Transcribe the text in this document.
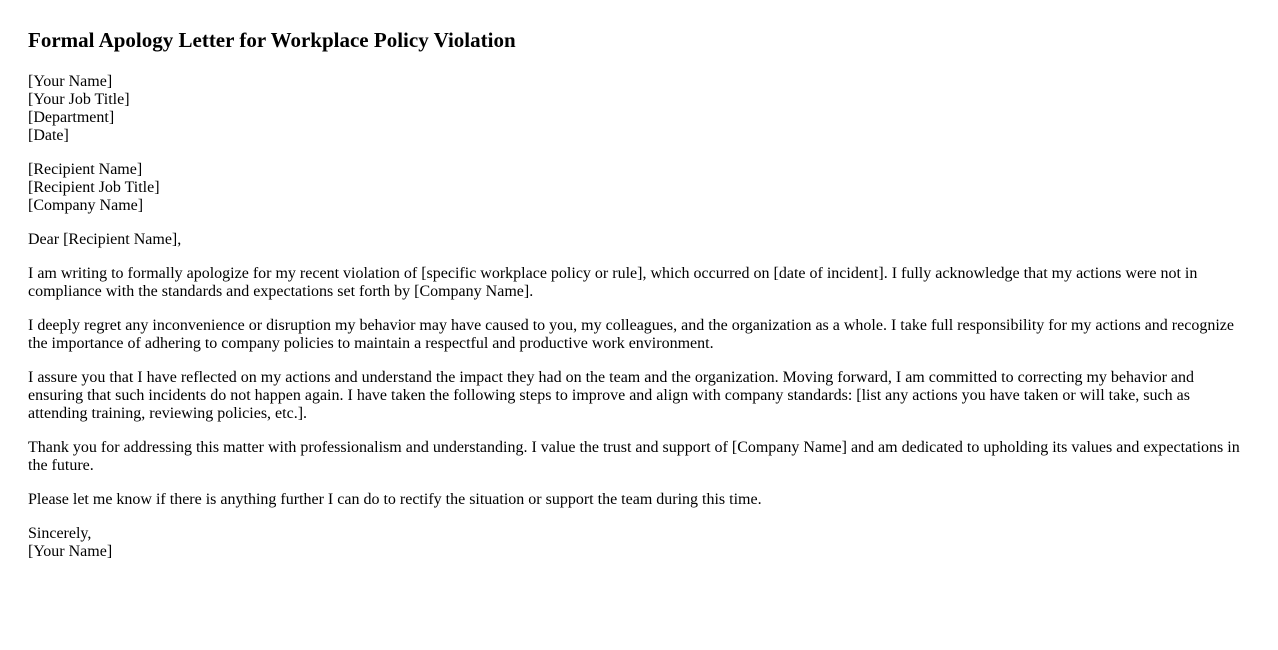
Formal Apology Letter for Workplace Policy Violation
[Your Name]
[Your Job Title]
[Department]
[Date]
[Recipient Name]
[Recipient Job Title]
[Company Name]

Dear [Recipient Name],

I am writing to formally apologize for my recent violation of [specific workplace policy or rule], which occurred on [date of incident]. I fully acknowledge that my actions were not in compliance with the standards and expectations set forth by [Company Name].

I deeply regret any inconvenience or disruption my behavior may have caused to you, my colleagues, and the organization as a whole. I take full responsibility for my actions and recognize the importance of adhering to company policies to maintain a respectful and productive work environment.

I assure you that I have reflected on my actions and understand the impact they had on the team and the organization. Moving forward, I am committed to correcting my behavior and ensuring that such incidents do not happen again. I have taken the following steps to improve and align with company standards: [list any actions you have taken or will take, such as attending training, reviewing policies, etc.].

Thank you for addressing this matter with professionalism and understanding. I value the trust and support of [Company Name] and am dedicated to upholding its values and expectations in the future.

Please let me know if there is anything further I can do to rectify the situation or support the team during this time.

Sincerely,
[Your Name]
